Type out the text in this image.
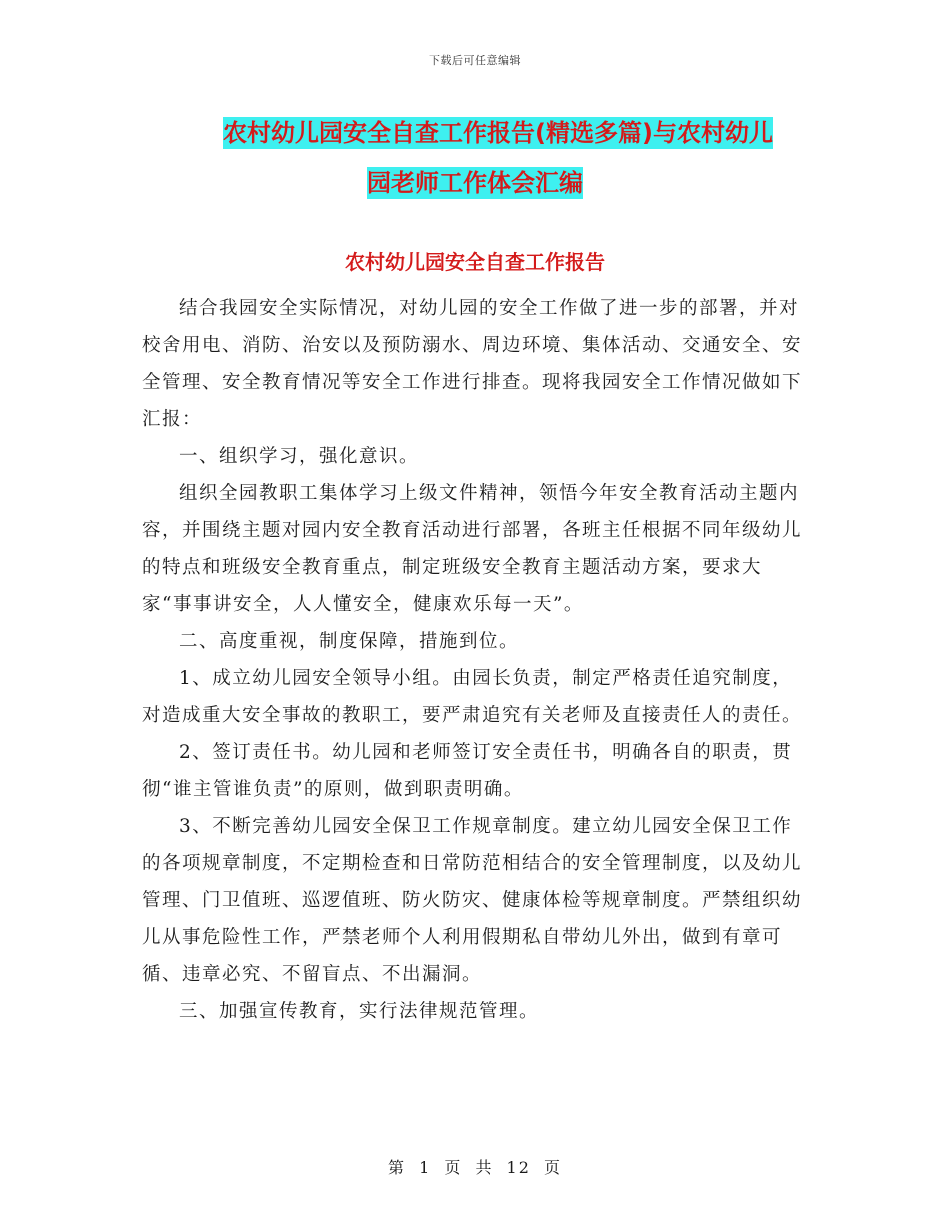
下载后可任意编辑
农村幼儿园安全自查工作报告(精选多篇)与农村幼儿
园老师工作体会汇编
农村幼儿园安全自查工作报告

结合我园安全实际情况，对幼儿园的安全工作做了进一步的部署，并对校舍用电、消防、治安以及预防溺水、周边环境、集体活动、交通安全、安全管理、安全教育情况等安全工作进行排查。现将我园安全工作情况做如下汇报：

一、组织学习，强化意识。

组织全园教职工集体学习上级文件精神，领悟今年安全教育活动主题内容，并围绕主题对园内安全教育活动进行部署，各班主任根据不同年级幼儿的特点和班级安全教育重点，制定班级安全教育主题活动方案，要求大家“事事讲安全，人人懂安全，健康欢乐每一天”。

二、高度重视，制度保障，措施到位。

1、成立幼儿园安全领导小组。由园长负责，制定严格责任追究制度，对造成重大安全事故的教职工，要严肃追究有关老师及直接责任人的责任。

2、签订责任书。幼儿园和老师签订安全责任书，明确各自的职责，贯彻“谁主管谁负责”的原则，做到职责明确。

3、不断完善幼儿园安全保卫工作规章制度。建立幼儿园安全保卫工作的各项规章制度，不定期检查和日常防范相结合的安全管理制度，以及幼儿管理、门卫值班、巡逻值班、防火防灾、健康体检等规章制度。严禁组织幼儿从事危险性工作，严禁老师个人利用假期私自带幼儿外出，做到有章可循、违章必究、不留盲点、不出漏洞。

三、加强宣传教育，实行法律规范管理。

第 1 页 共 12 页
